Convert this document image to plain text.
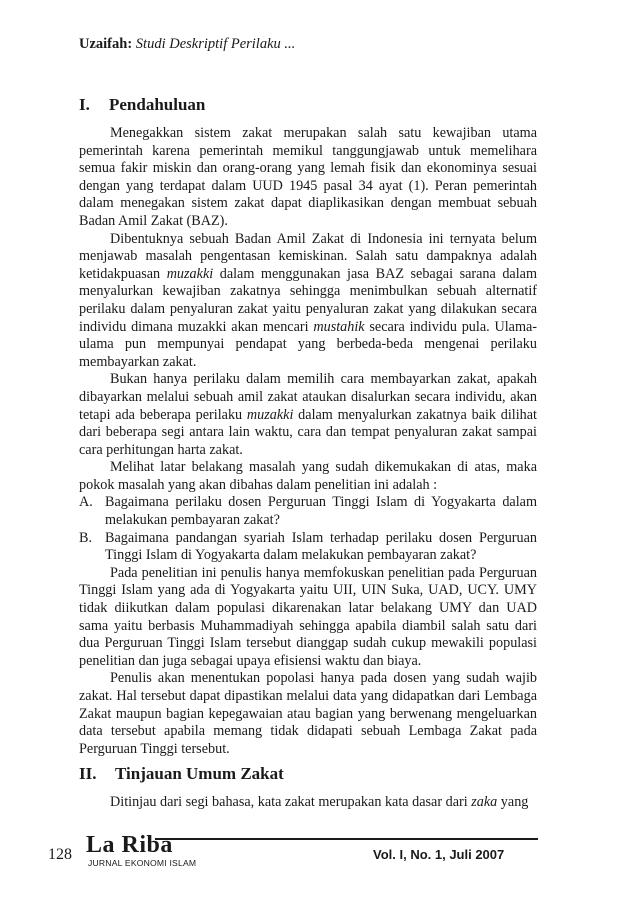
Uzaifah: Studi Deskriptif Perilaku ...
I. Pendahuluan

Menegakkan sistem zakat merupakan salah satu kewajiban utama pemerintah karena pemerintah memikul tanggungjawab untuk memelihara semua fakir miskin dan orang-orang yang lemah fisik dan ekonominya sesuai dengan yang terdapat dalam UUD 1945 pasal 34 ayat (1). Peran pemerintah dalam menegakan sistem zakat dapat diaplikasikan dengan membuat sebuah Badan Amil Zakat (BAZ).

Dibentuknya sebuah Badan Amil Zakat di Indonesia ini ternyata belum menjawab masalah pengentasan kemiskinan. Salah satu dampaknya adalah ketidakpuasan muzakki dalam menggunakan jasa BAZ sebagai sarana dalam menyalurkan kewajiban zakatnya sehingga menimbulkan sebuah alternatif perilaku dalam penyaluran zakat yaitu penyaluran zakat yang dilakukan secara individu dimana muzakki akan mencari mustahik secara individu pula. Ulama-ulama pun mempunyai pendapat yang berbeda-beda mengenai perilaku membayarkan zakat.

Bukan hanya perilaku dalam memilih cara membayarkan zakat, apakah dibayarkan melalui sebuah amil zakat ataukan disalurkan secara individu, akan tetapi ada beberapa perilaku muzakki dalam menyalurkan zakatnya baik dilihat dari beberapa segi antara lain waktu, cara dan tempat penyaluran zakat sampai cara perhitungan harta zakat.

Melihat latar belakang masalah yang sudah dikemukakan di atas, maka pokok masalah yang akan dibahas dalam penelitian ini adalah :

A. Bagaimana perilaku dosen Perguruan Tinggi Islam di Yogyakarta dalam melakukan pembayaran zakat?
B. Bagaimana pandangan syariah Islam terhadap perilaku dosen Perguruan Tinggi Islam di Yogyakarta dalam melakukan pembayaran zakat?

Pada penelitian ini penulis hanya memfokuskan penelitian pada Perguruan Tinggi Islam yang ada di Yogyakarta yaitu UII, UIN Suka, UAD, UCY. UMY tidak diikutkan dalam populasi dikarenakan latar belakang UMY dan UAD sama yaitu berbasis Muhammadiyah sehingga apabila diambil salah satu dari dua Perguruan Tinggi Islam tersebut dianggap sudah cukup mewakili populasi penelitian dan juga sebagai upaya efisiensi waktu dan biaya.

Penulis akan menentukan popolasi hanya pada dosen yang sudah wajib zakat. Hal tersebut dapat dipastikan melalui data yang didapatkan dari Lembaga Zakat maupun bagian kepegawaian atau bagian yang berwenang mengeluarkan data tersebut apabila memang tidak didapati sebuah Lembaga Zakat pada Perguruan Tinggi tersebut.

II. Tinjauan Umum Zakat

Ditinjau dari segi bahasa, kata zakat merupakan kata dasar dari zaka yang

128 La Riba
JURNAL EKONOMI ISLAM
Vol. I, No. 1, Juli 2007
